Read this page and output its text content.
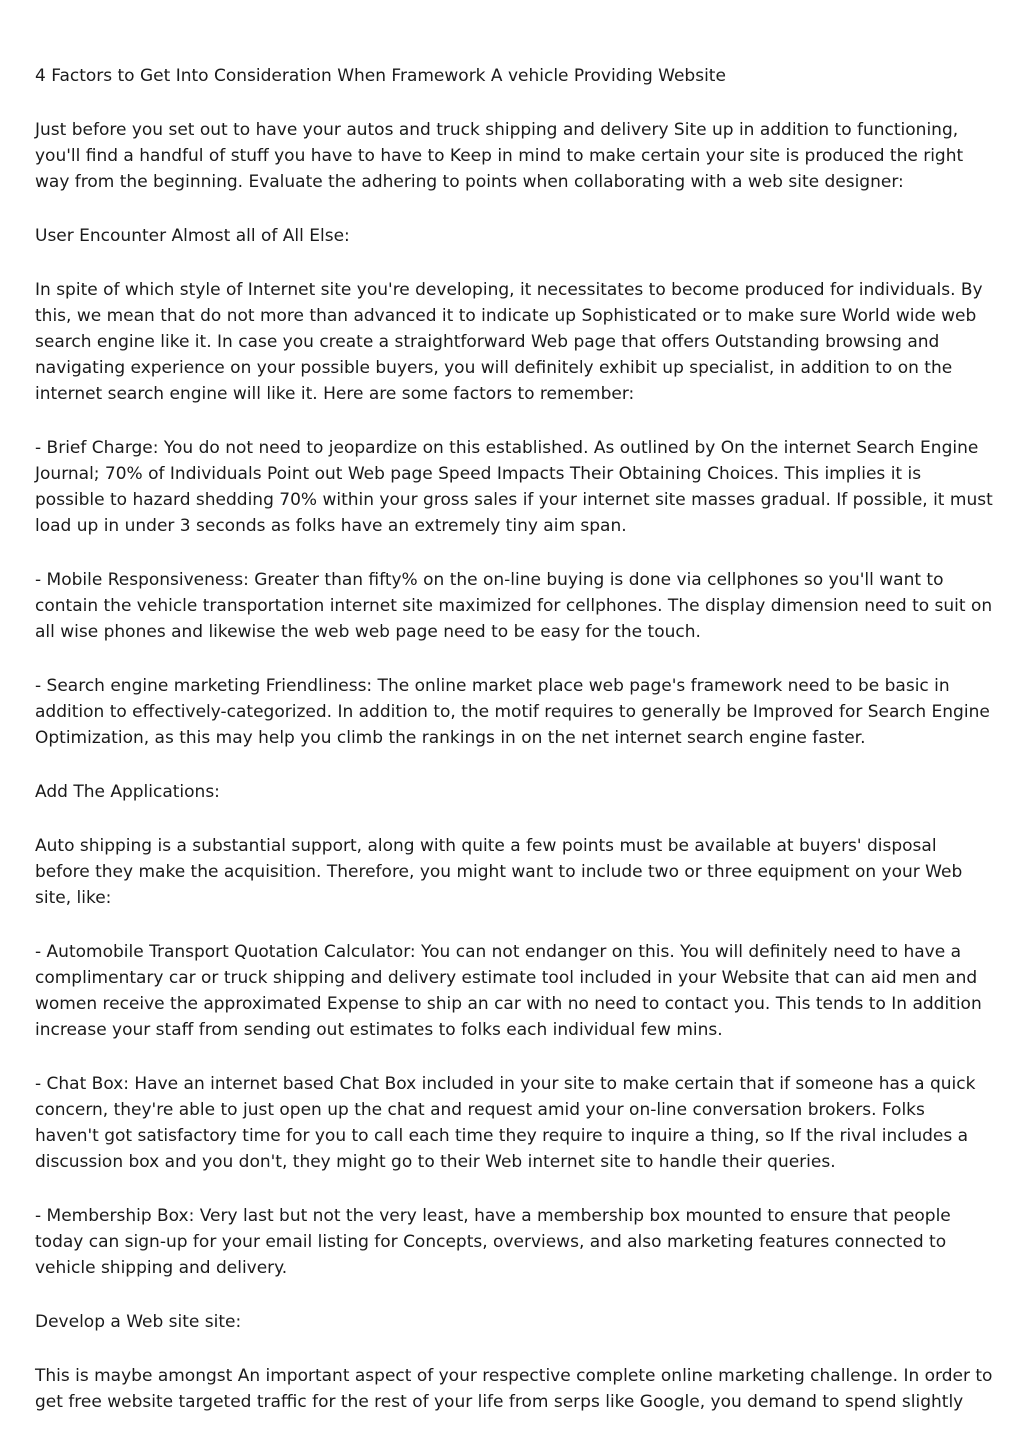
4 Factors to Get Into Consideration When Framework A vehicle Providing Website

Just before you set out to have your autos and truck shipping and delivery Site up in addition to functioning, you'll find a handful of stuff you have to have to Keep in mind to make certain your site is produced the right way from the beginning. Evaluate the adhering to points when collaborating with a web site designer:

User Encounter Almost all of All Else:

In spite of which style of Internet site you're developing, it necessitates to become produced for individuals. By this, we mean that do not more than advanced it to indicate up Sophisticated or to make sure World wide web search engine like it. In case you create a straightforward Web page that offers Outstanding browsing and navigating experience on your possible buyers, you will definitely exhibit up specialist, in addition to on the internet search engine will like it. Here are some factors to remember:

- Brief Charge: You do not need to jeopardize on this established. As outlined by On the internet Search Engine Journal; 70% of Individuals Point out Web page Speed Impacts Their Obtaining Choices. This implies it is possible to hazard shedding 70% within your gross sales if your internet site masses gradual. If possible, it must load up in under 3 seconds as folks have an extremely tiny aim span.

- Mobile Responsiveness: Greater than fifty% on the on-line buying is done via cellphones so you'll want to contain the vehicle transportation internet site maximized for cellphones. The display dimension need to suit on all wise phones and likewise the web web page need to be easy for the touch.

- Search engine marketing Friendliness: The online market place web page's framework need to be basic in addition to effectively-categorized. In addition to, the motif requires to generally be Improved for Search Engine Optimization, as this may help you climb the rankings in on the net internet search engine faster.

Add The Applications:

Auto shipping is a substantial support, along with quite a few points must be available at buyers' disposal before they make the acquisition. Therefore, you might want to include two or three equipment on your Web site, like:

- Automobile Transport Quotation Calculator: You can not endanger on this. You will definitely need to have a complimentary car or truck shipping and delivery estimate tool included in your Website that can aid men and women receive the approximated Expense to ship an car with no need to contact you. This tends to In addition increase your staff from sending out estimates to folks each individual few mins.

- Chat Box: Have an internet based Chat Box included in your site to make certain that if someone has a quick concern, they're able to just open up the chat and request amid your on-line conversation brokers. Folks haven't got satisfactory time for you to call each time they require to inquire a thing, so If the rival includes a discussion box and you don't, they might go to their Web internet site to handle their queries.

- Membership Box: Very last but not the very least, have a membership box mounted to ensure that people today can sign-up for your email listing for Concepts, overviews, and also marketing features connected to vehicle shipping and delivery.

Develop a Web site site:

This is maybe amongst An important aspect of your respective complete online marketing challenge. In order to get free website targeted traffic for the rest of your life from serps like Google, you demand to spend slightly
